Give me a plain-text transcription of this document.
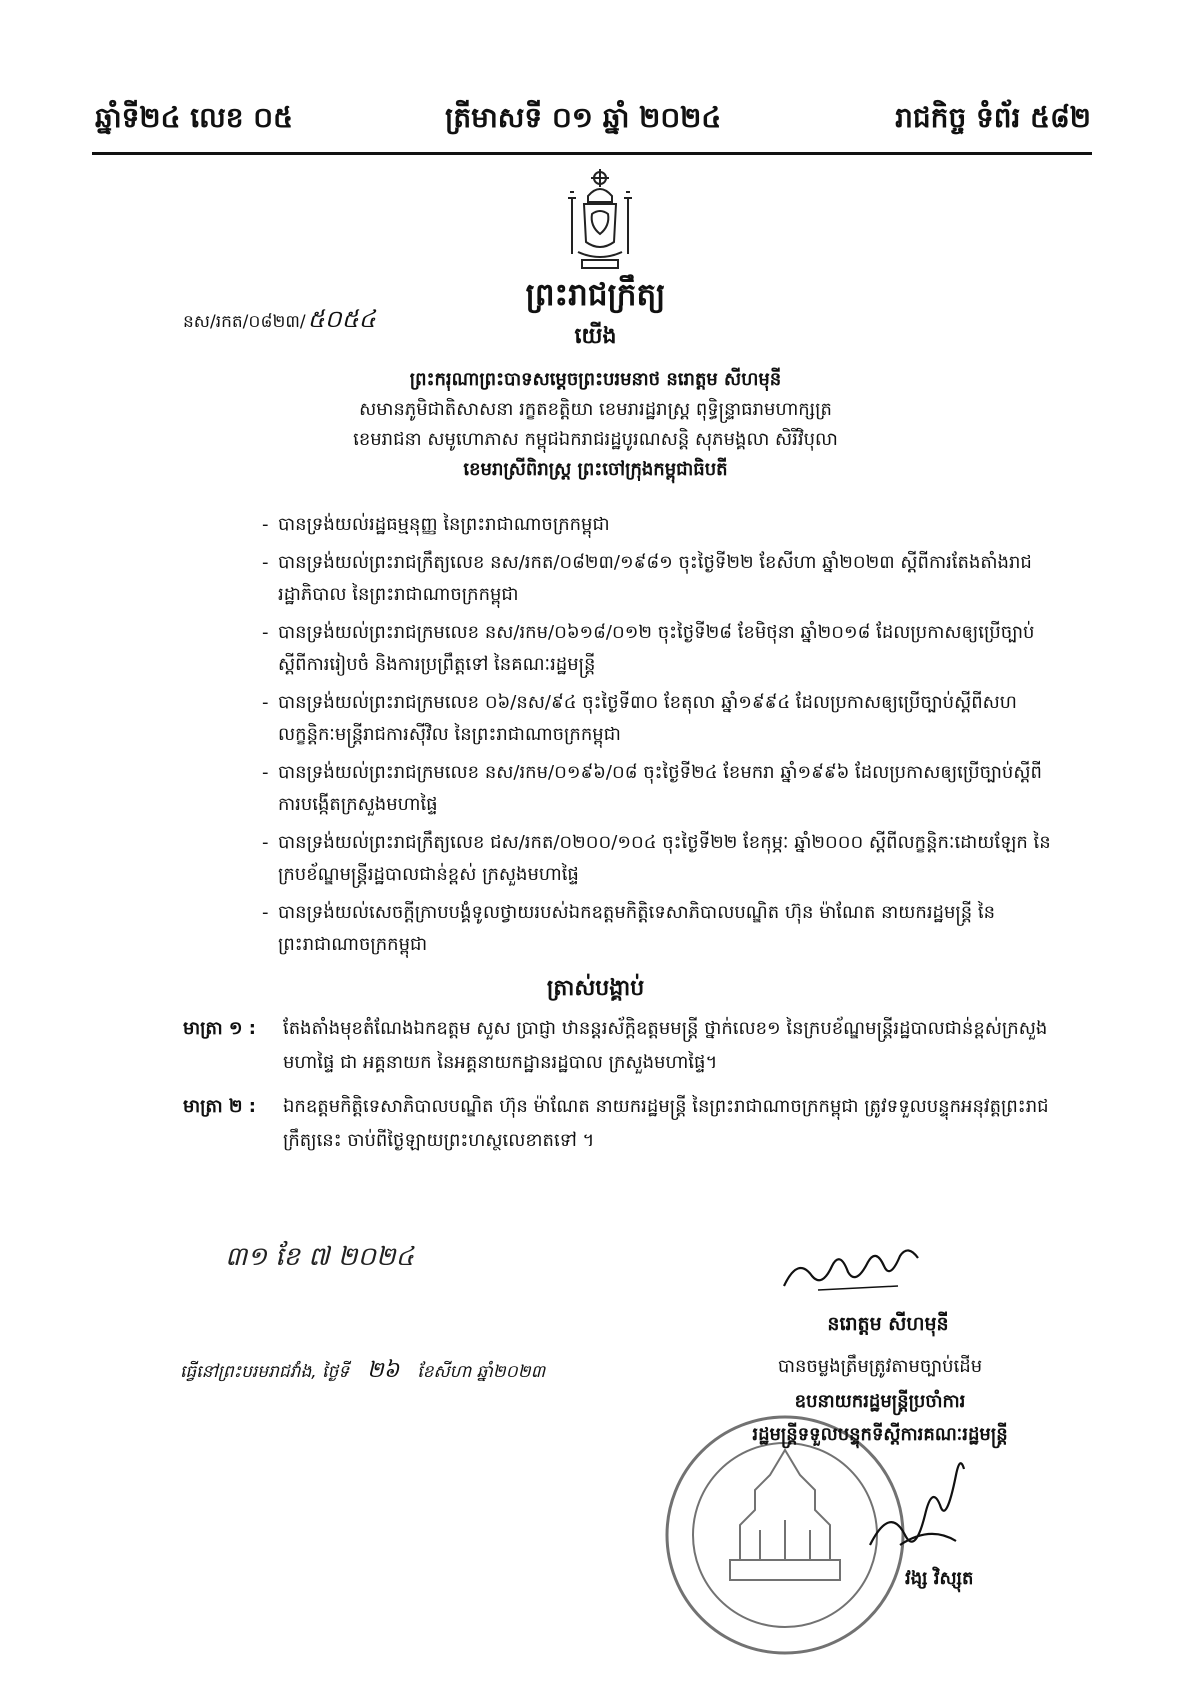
ឆ្នាំទី២៤ លេខ ០៥	ត្រីមាសទី ០១ ឆ្នាំ ២០២៤	រាជកិច្ច ទំព័រ ៥៨២
ព្រះរាជក្រឹត្យ
នស/រកត/០៨២៣/៥០៥៤
យើង
ព្រះករុណាព្រះបាទសម្តេចព្រះបរមនាថ នរោត្តម សីហមុនី
សមានភូមិជាតិសាសនា រក្ខតខត្តិយា ខេមរារដ្ឋរាស្ត្រ ពុទ្ធិន្ទ្រាធរាមហាក្សត្រ
ខេមរាជនា សមូហោភាស កម្ពុជឯករាជរដ្ឋបូរណសន្តិ សុភមង្គលា សិរីវិបុលា
ខេមរាស្រីពិរាស្ត្រ ព្រះចៅក្រុងកម្ពុជាធិបតី
- បានទ្រង់យល់រដ្ឋធម្មនុញ្ញ នៃព្រះរាជាណាចក្រកម្ពុជា
- បានទ្រង់យល់ព្រះរាជក្រឹត្យលេខ នស/រកត/០៨២៣/១៩៨១ ចុះថ្ងៃទី២២ ខែសីហា ឆ្នាំ២០២៣ ស្តីពីការតែងតាំងរាជរដ្ឋាភិបាល នៃព្រះរាជាណាចក្រកម្ពុជា
- បានទ្រង់យល់ព្រះរាជក្រមលេខ នស/រកម/០៦១៨/០១២ ចុះថ្ងៃទី២៨ ខែមិថុនា ឆ្នាំ២០១៨ ដែលប្រកាសឲ្យប្រើច្បាប់ស្តីពីការរៀបចំ និងការប្រព្រឹត្តទៅ នៃគណៈរដ្ឋមន្ត្រី
- បានទ្រង់យល់ព្រះរាជក្រមលេខ ០៦/នស/៩៤ ចុះថ្ងៃទី៣០ ខែតុលា ឆ្នាំ១៩៩៤ ដែលប្រកាសឲ្យប្រើច្បាប់ស្តីពីសហលក្ខន្តិកៈមន្ត្រីរាជការស៊ីវិល នៃព្រះរាជាណាចក្រកម្ពុជា
- បានទ្រង់យល់ព្រះរាជក្រមលេខ នស/រកម/០១៩៦/០៨ ចុះថ្ងៃទី២៤ ខែមករា ឆ្នាំ១៩៩៦ ដែលប្រកាសឲ្យប្រើច្បាប់ស្តីពីការបង្កើតក្រសួងមហាផ្ទៃ
- បានទ្រង់យល់ព្រះរាជក្រឹត្យលេខ ជស/រកត/០២០០/១០៤ ចុះថ្ងៃទី២២ ខែកុម្ភៈ ឆ្នាំ២០០០ ស្តីពីលក្ខន្តិកៈដោយឡែក នៃក្របខ័ណ្ឌមន្ត្រីរដ្ឋបាលជាន់ខ្ពស់ ក្រសួងមហាផ្ទៃ
- បានទ្រង់យល់សេចក្តីក្រាបបង្គំទូលថ្វាយរបស់ឯកឧត្តមកិត្តិទេសាភិបាលបណ្ឌិត ហ៊ុន ម៉ាណែត នាយករដ្ឋមន្ត្រី នៃព្រះរាជាណាចក្រកម្ពុជា
ត្រាស់បង្គាប់
មាត្រា ១ :	តែងតាំងមុខតំណែងឯកឧត្តម សួស ប្រាជ្ញា ឋានន្តរស័ក្តិឧត្តមមន្ត្រី ថ្នាក់លេខ១ នៃក្របខ័ណ្ឌមន្ត្រីរដ្ឋបាលជាន់ខ្ពស់ក្រសួងមហាផ្ទៃ ជា អគ្គនាយក នៃអគ្គនាយកដ្ឋានរដ្ឋបាល ក្រសួងមហាផ្ទៃ។
មាត្រា ២ :	ឯកឧត្តមកិត្តិទេសាភិបាលបណ្ឌិត ហ៊ុន ម៉ាណែត នាយករដ្ឋមន្ត្រី នៃព្រះរាជាណាចក្រកម្ពុជា ត្រូវទទួលបន្ទុកអនុវត្តព្រះរាជក្រឹត្យនេះ ចាប់ពីថ្ងៃឡាយព្រះហស្ថលេខាតទៅ ។
៣១ ខែ ៧ ២០២៤
នរោត្តម សីហមុនី
ធ្វើនៅព្រះបរមរាជវាំង, ថ្ងៃទី ២៦ ខែសីហា ឆ្នាំ២០២៣	បានចម្លងត្រឹមត្រូវតាមច្បាប់ដើម
ឧបនាយករដ្ឋមន្ត្រីប្រចាំការ
រដ្ឋមន្ត្រីទទួលបន្ទុកទីស្តីការគណៈរដ្ឋមន្ត្រី
វង្ស វិស្សុត
